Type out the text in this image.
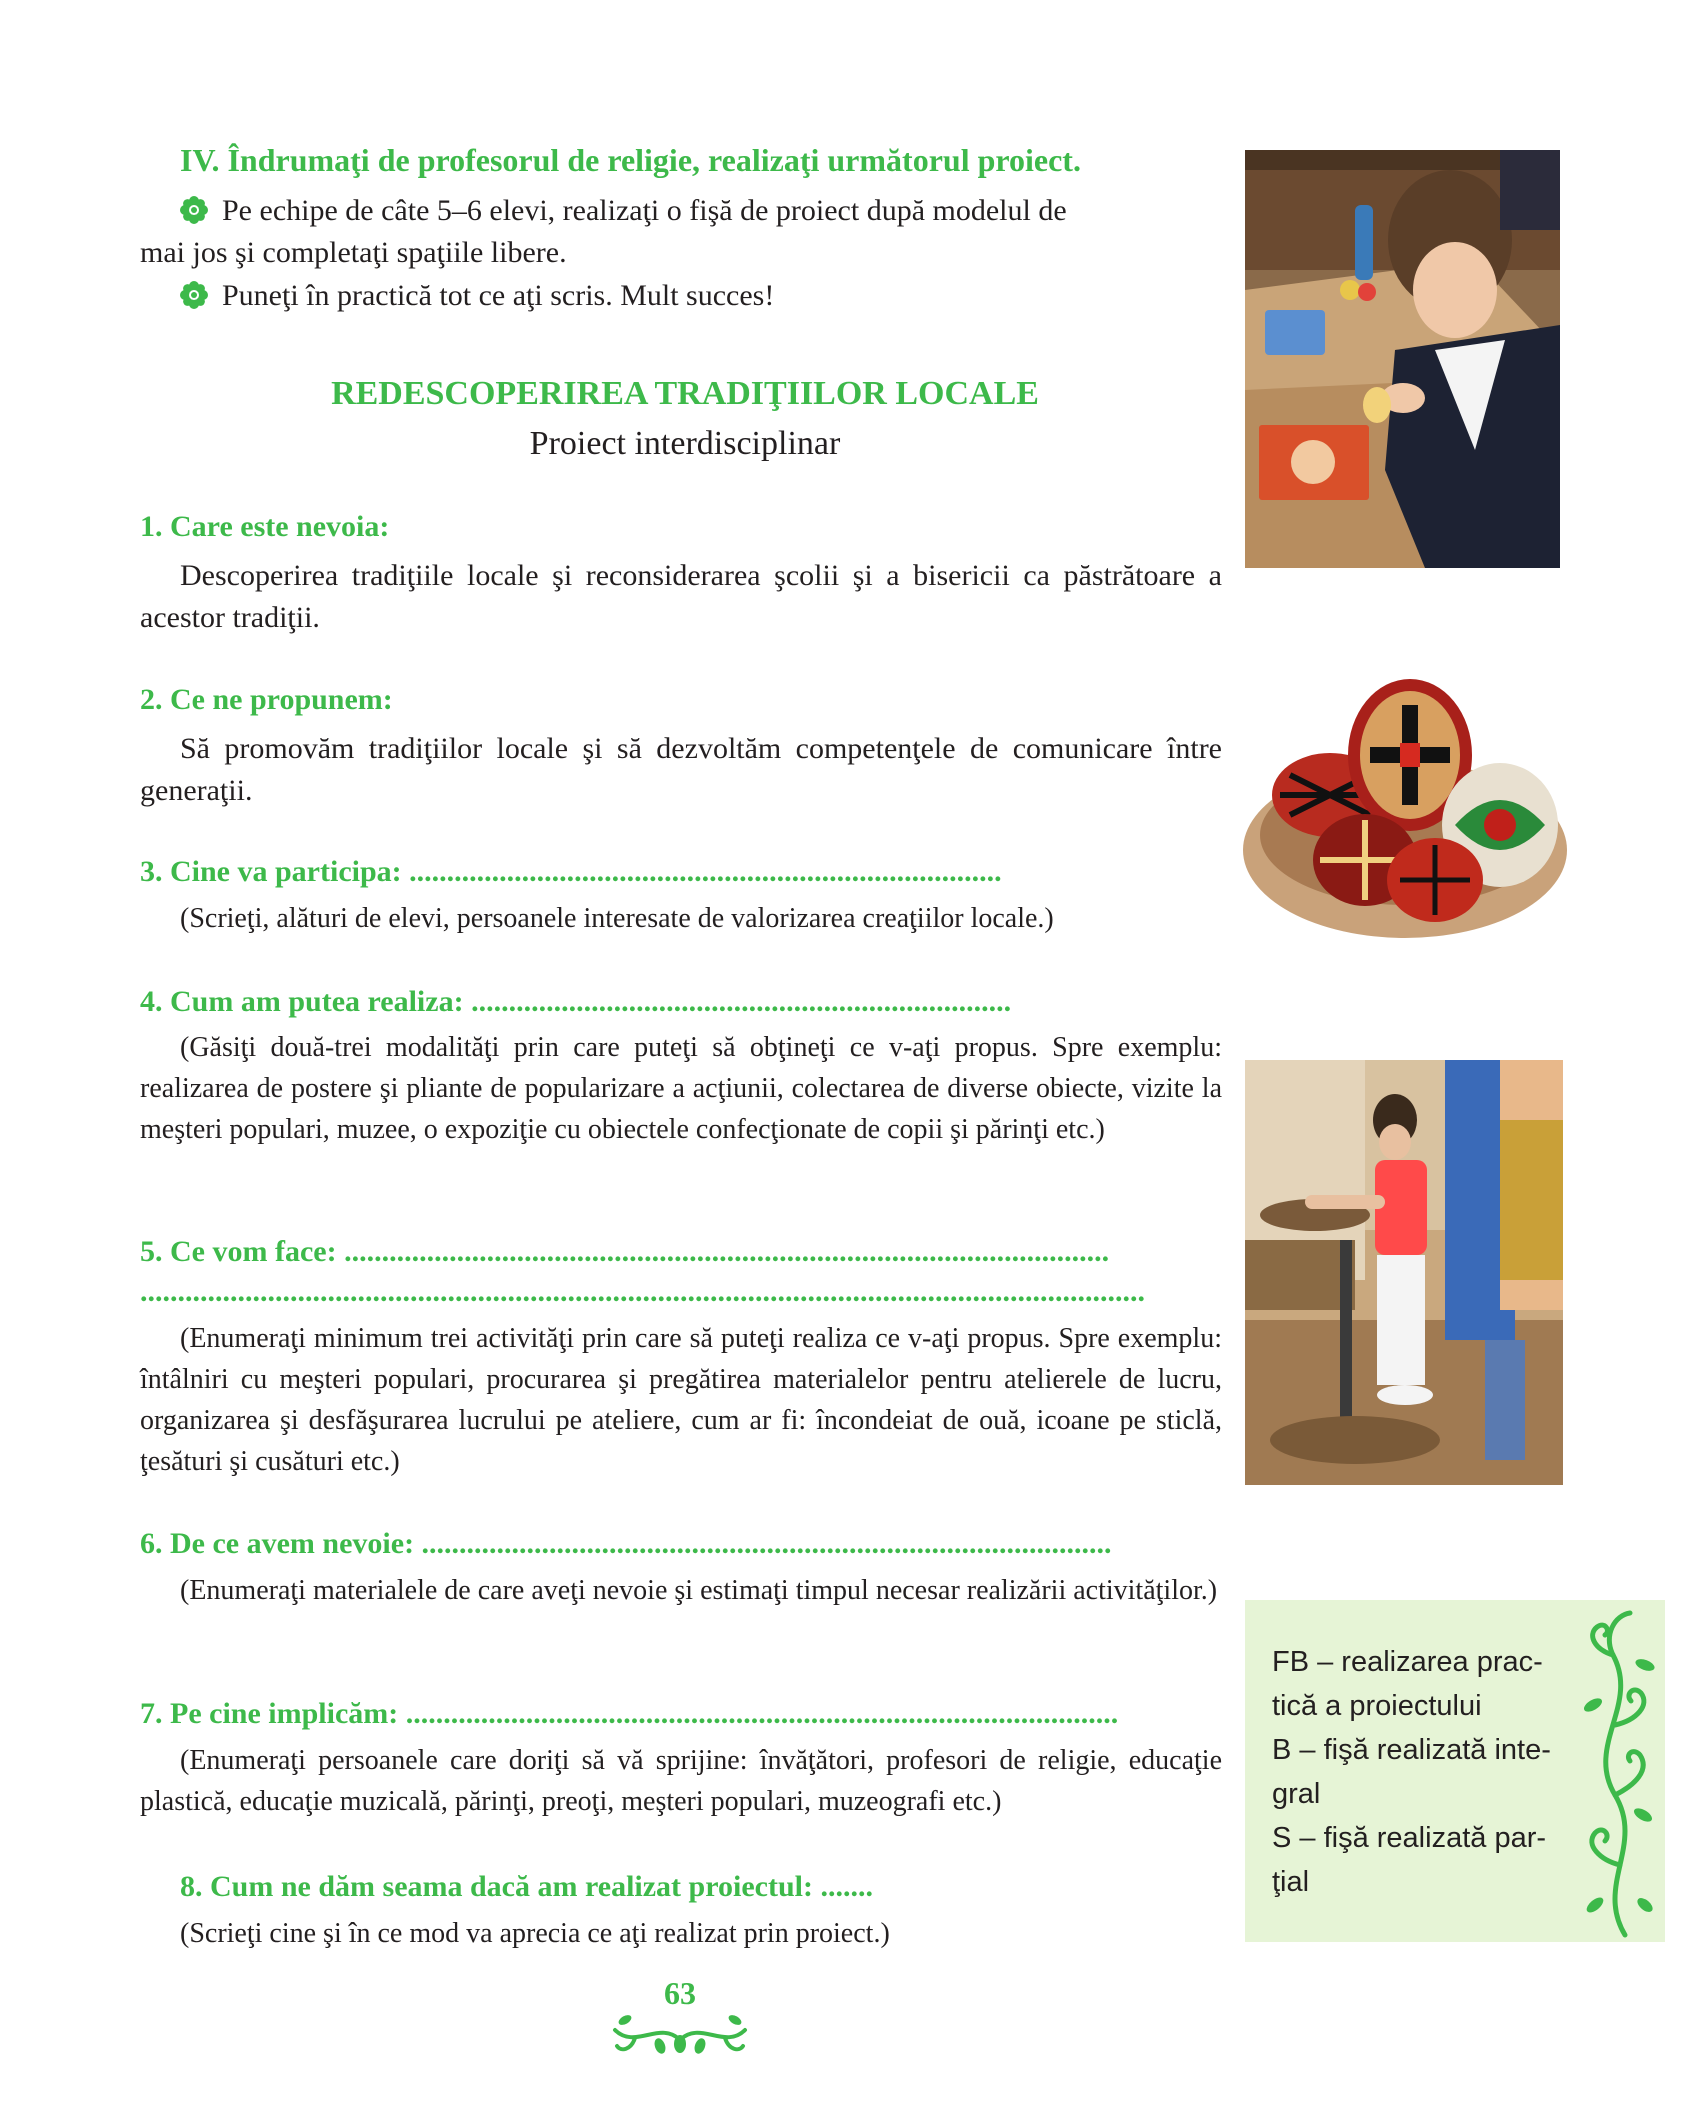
IV. Îndrumaţi de profesorul de religie, realizaţi următorul proiect.
Pe echipe de câte 5–6 elevi, realizaţi o fişă de proiect după modelul de
mai jos şi completaţi spaţiile libere.
Puneţi în practică tot ce aţi scris. Mult succes!
REDESCOPERIREA TRADIŢIILOR LOCALE
Proiect interdisciplinar
1. Care este nevoia:
Descoperirea tradiţiile locale şi reconsiderarea şcolii şi a bisericii ca păstrătoare a acestor tradiţii.
2. Ce ne propunem:
Să promovăm tradiţiilor locale şi să dezvoltăm competenţele de comunicare între generaţii.
3. Cine va participa: ...............................................................................
(Scrieţi, alături de elevi, persoanele interesate de valorizarea creaţiilor locale.)
4. Cum am putea realiza: ........................................................................
(Găsiţi două-trei modalităţi prin care puteţi să obţineţi ce v-aţi propus. Spre exemplu: realizarea de postere şi pliante de popularizare a acţiunii, colectarea de diverse obiecte, vizite la meşteri populari, muzee, o expoziţie cu obiectele confecţionate de copii şi părinţi etc.)
5. Ce vom face: ......................................................................................................
......................................................................................................................................
(Enumeraţi minimum trei activităţi prin care să puteţi realiza ce v-aţi propus. Spre exemplu: întâlniri cu meşteri populari, procurarea şi pregătirea materialelor pentru atelierele de lucru, organizarea şi desfăşurarea lucrului pe ateliere, cum ar fi: încondeiat de ouă, icoane pe sticlă, ţesături şi cusături etc.)
6. De ce avem nevoie: ............................................................................................
(Enumeraţi materialele de care aveţi nevoie şi estimaţi timpul necesar realizării activităţilor.)
7. Pe cine implicăm: ...............................................................................................
(Enumeraţi persoanele care doriţi să vă sprijine: învăţători, profesori de religie, educaţie plastică, educaţie muzicală, părinţi, preoţi, meşteri populari, muzeografi etc.)
8. Cum ne dăm seama dacă am realizat proiectul: .......
(Scrieţi cine şi în ce mod va aprecia ce aţi realizat prin proiect.)
FB – realizarea prac-
tică a proiectului
B – fişă realizată inte-
gral
S – fişă realizată par-
ţial
63
